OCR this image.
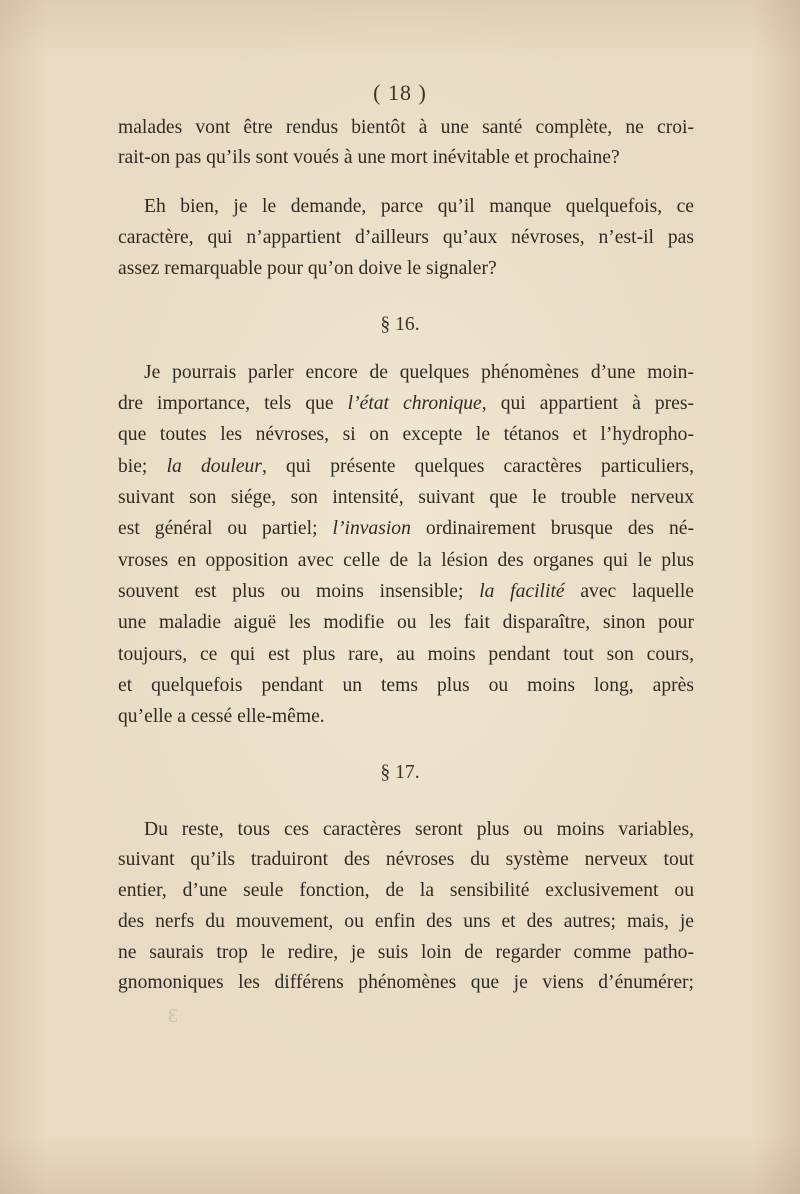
( 18 )
malades vont être rendus bientôt à une santé complète, ne croi-
rait-on pas qu’ils sont voués à une mort inévitable et prochaine?
Eh bien, je le demande, parce qu’il manque quelquefois, ce
caractère, qui n’appartient d’ailleurs qu’aux névroses, n’est-il pas
assez remarquable pour qu’on doive le signaler?
§ 16.
Je pourrais parler encore de quelques phénomènes d’une moin-
dre importance, tels que l’état chronique, qui appartient à pres-
que toutes les névroses, si on excepte le tétanos et l’hydropho-
bie; la douleur, qui présente quelques caractères particuliers,
suivant son siége, son intensité, suivant que le trouble nerveux
est général ou partiel; l’invasion ordinairement brusque des né-
vroses en opposition avec celle de la lésion des organes qui le plus
souvent est plus ou moins insensible; la facilité avec laquelle
une maladie aiguë les modifie ou les fait disparaître, sinon pour
toujours, ce qui est plus rare, au moins pendant tout son cours,
et quelquefois pendant un tems plus ou moins long, après
qu’elle a cessé elle-même.
§ 17.
Du reste, tous ces caractères seront plus ou moins variables,
suivant qu’ils traduiront des névroses du système nerveux tout
entier, d’une seule fonction, de la sensibilité exclusivement ou
des nerfs du mouvement, ou enfin des uns et des autres; mais, je
ne saurais trop le redire, je suis loin de regarder comme patho-
gnomoniques les différens phénomènes que je viens d’énumérer;
3
